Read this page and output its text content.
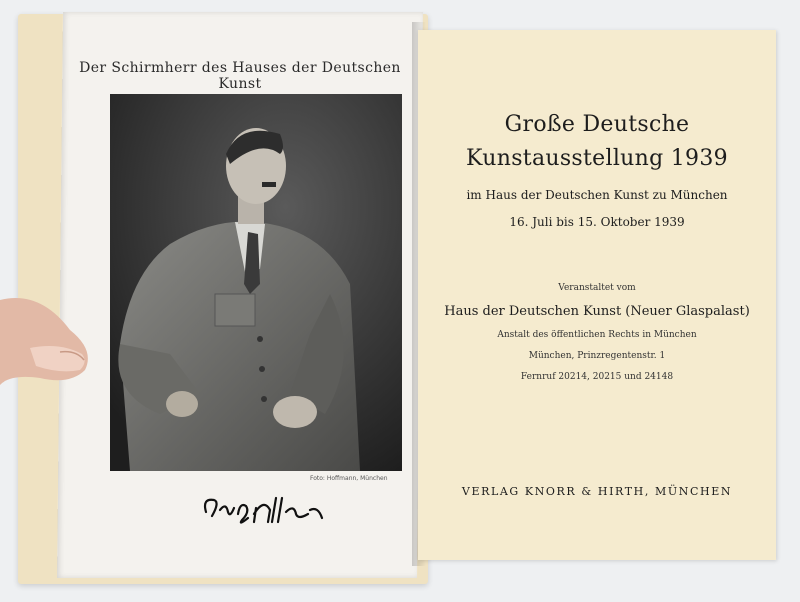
Der Schirmherr des Hauses der Deutschen Kunst
Foto: Hoffmann, München
Große Deutsche
Kunstausstellung 1939
im Haus der Deutschen Kunst zu München
16. Juli bis 15. Oktober 1939
Veranstaltet vom
Haus der Deutschen Kunst (Neuer Glaspalast)
Anstalt des öffentlichen Rechts in München
München, Prinzregentenstr. 1
Fernruf 20214, 20215 und 24148
VERLAG KNORR & HIRTH, MÜNCHEN
